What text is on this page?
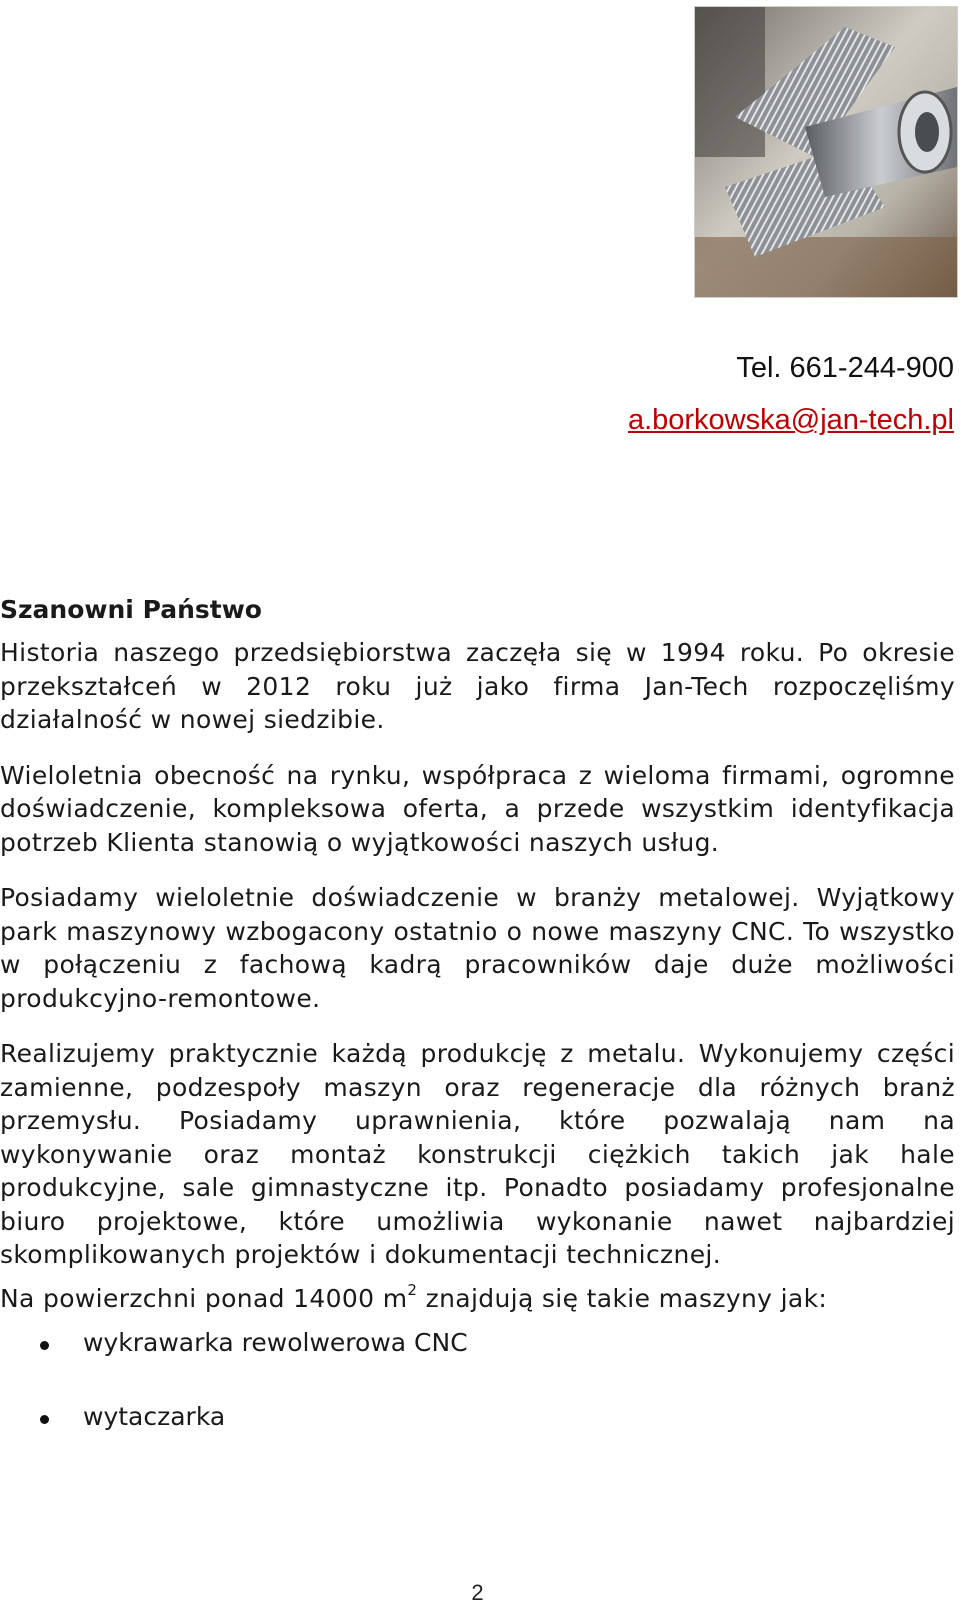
Tel. 661-244-900
a.borkowska@jan-tech.pl
Szanowni Państwo

Historia naszego przedsiębiorstwa zaczęła się w 1994 roku. Po okresie przekształceń w 2012 roku już jako firma Jan-Tech rozpoczęliśmy działalność w nowej siedzibie.

Wieloletnia obecność na rynku, współpraca z wieloma firmami, ogromne doświadczenie, kompleksowa oferta, a przede wszystkim identyfikacja potrzeb Klienta stanowią o wyjątkowości naszych usług.

Posiadamy wieloletnie doświadczenie w branży metalowej. Wyjątkowy park maszynowy wzbogacony ostatnio o nowe maszyny CNC. To wszystko w połączeniu z fachową kadrą pracowników daje duże możliwości produkcyjno-remontowe.

Realizujemy praktycznie każdą produkcję z metalu. Wykonujemy części zamienne, podzespoły maszyn oraz regeneracje dla różnych branż przemysłu. Posiadamy uprawnienia, które pozwalają nam na wykonywanie oraz montaż konstrukcji ciężkich takich jak hale produkcyjne, sale gimnastyczne itp. Ponadto posiadamy profesjonalne biuro projektowe, które umożliwia wykonanie nawet najbardziej skomplikowanych projektów i dokumentacji technicznej.

Na powierzchni ponad 14000 $m^2$ znajdują się takie maszyny jak:

wykrawarka rewolwerowa CNC
wytaczarka
2
